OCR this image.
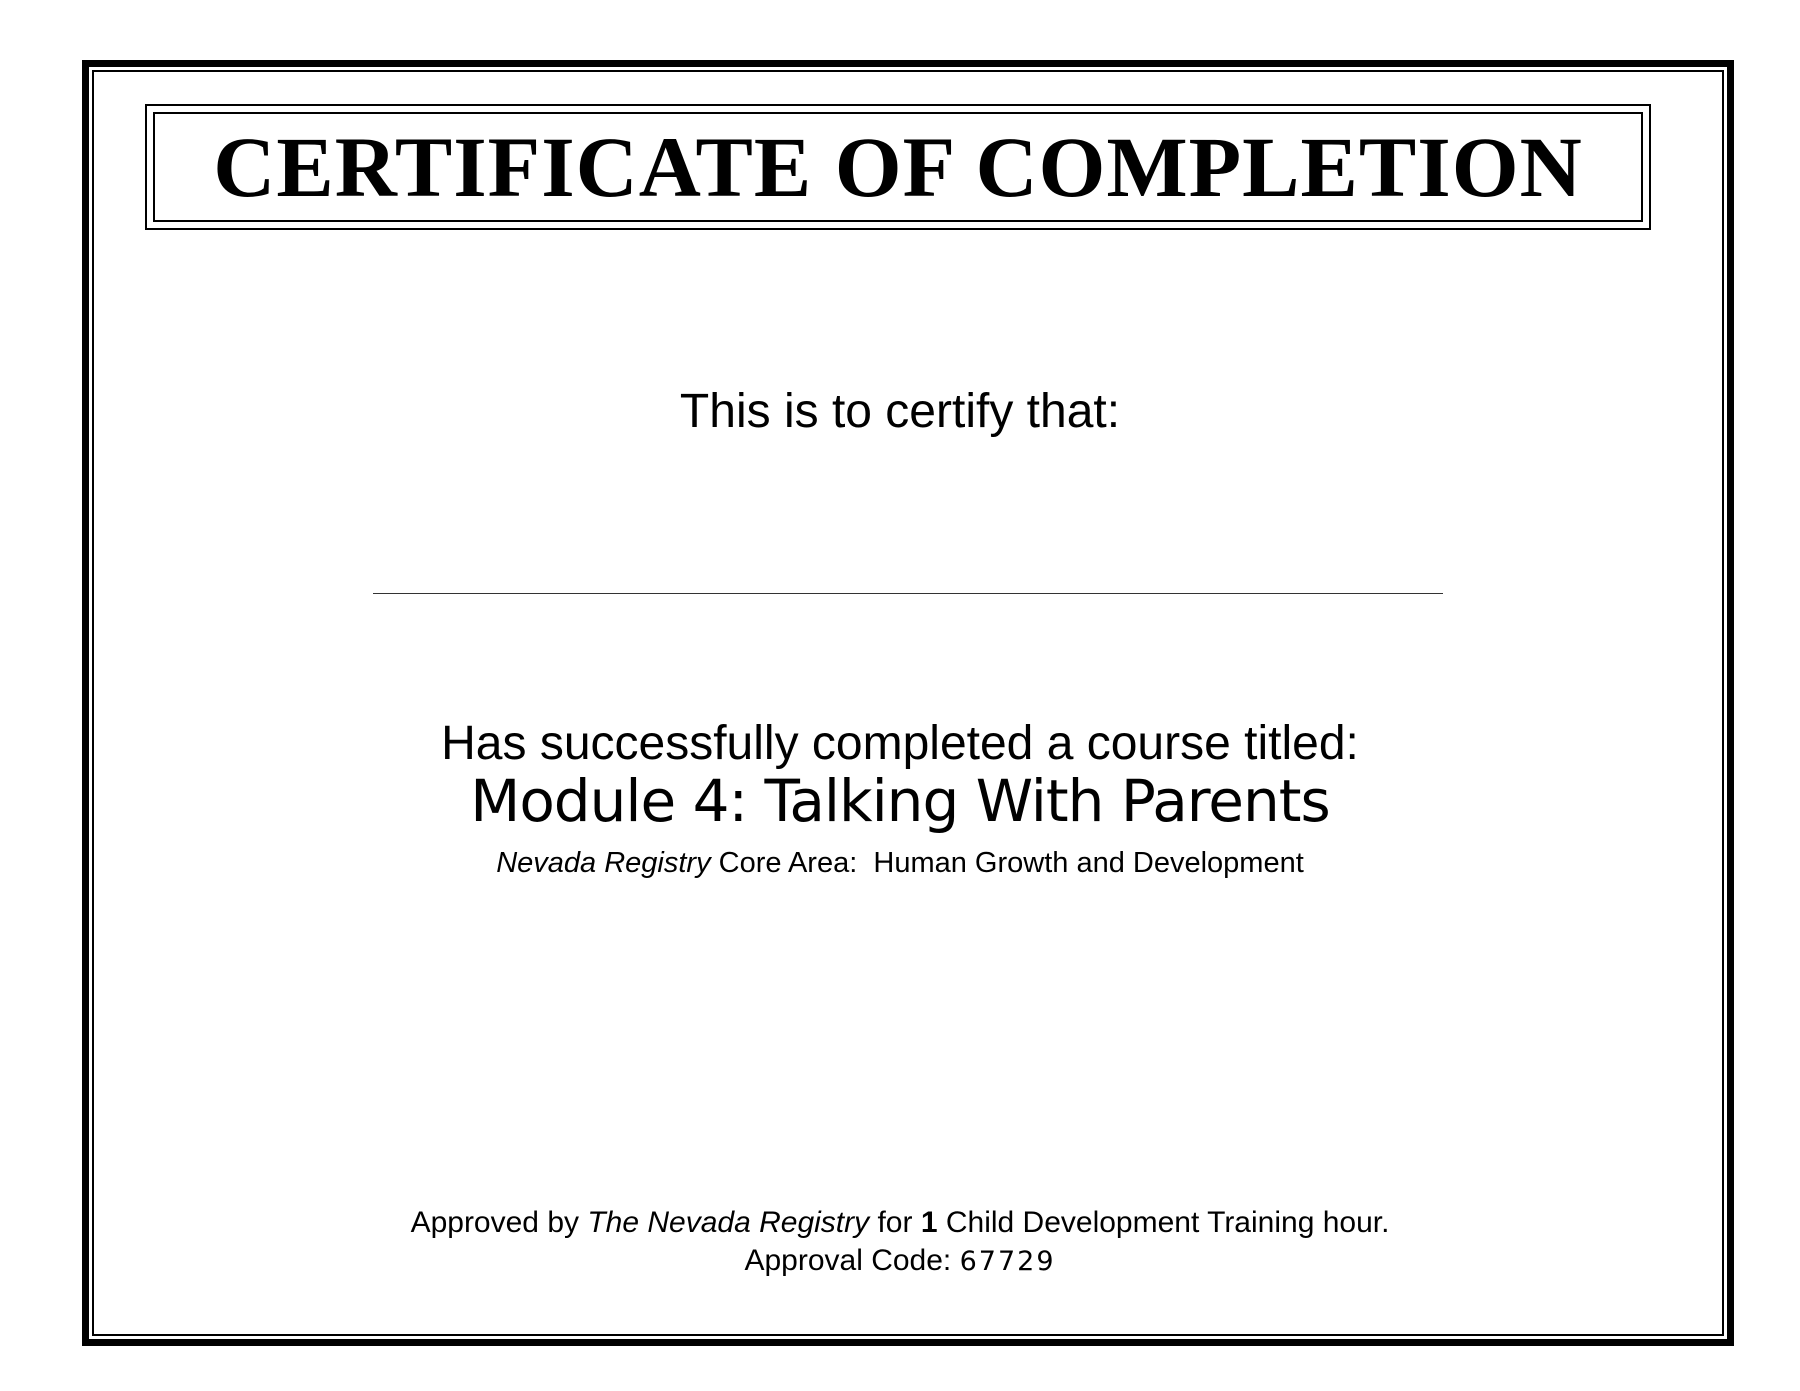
CERTIFICATE OF COMPLETION
This is to certify that:
Has successfully completed a course titled:
Module 4: Talking With Parents
Nevada Registry Core Area:  Human Growth and Development
Approved by The Nevada Registry for 1 Child Development Training hour.
Approval Code: 67729
